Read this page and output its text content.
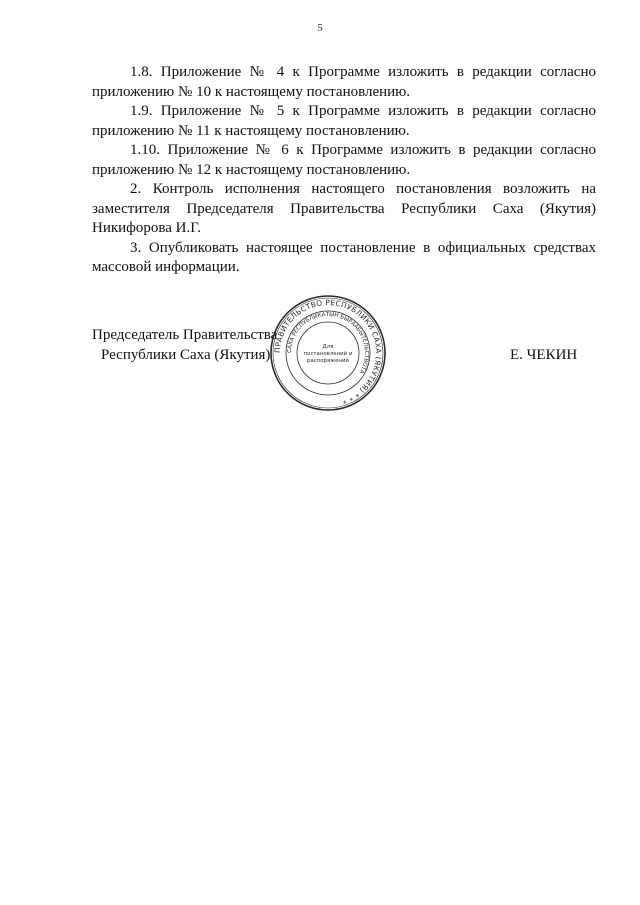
5

1.8. Приложение № 4 к Программе изложить в редакции согласно приложению № 10 к настоящему постановлению.

1.9. Приложение № 5 к Программе изложить в редакции согласно приложению № 11 к настоящему постановлению.

1.10. Приложение № 6 к Программе изложить в редакции согласно приложению № 12 к настоящему постановлению.

2. Контроль исполнения настоящего постановления возложить на заместителя Председателя Правительства Республики Саха (Якутия) Никифорова И.Г.

3. Опубликовать настоящее постановление в официальных средствах массовой информации.

Председатель Правительства
Республики Саха (Якутия)	Е. ЧЕКИН
ПРАВИТЕЛЬСТВО РЕСПУБЛИКИ САХА (ЯКУТИЯ) * * *
САХА РЕСПУБЛИКАТЫН БЫРААБЫТЕЛЬСТВОТА
Для
постановлений и
распоряжений
